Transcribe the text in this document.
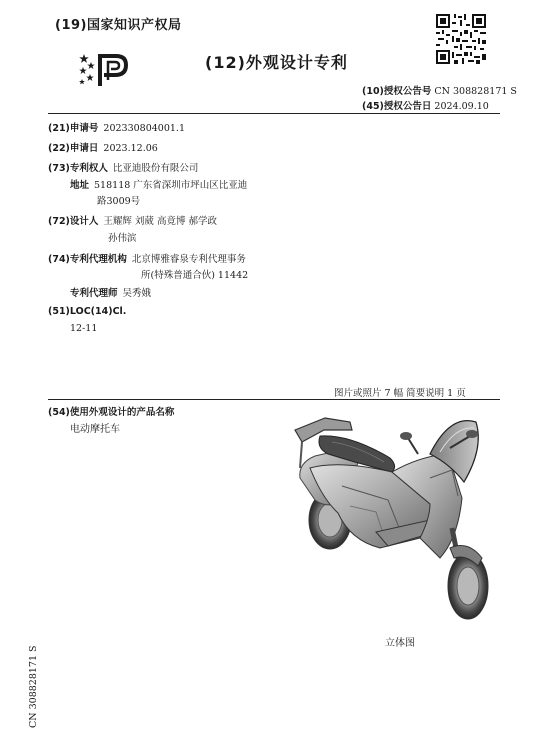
(19)国家知识产权局
(12)外观设计专利
(10)授权公告号 CN 308828171 S
(45)授权公告日 2024.09.10
(21)申请号 202330804001.1
(22)申请日 2023.12.06
(73)专利权人 比亚迪股份有限公司
地址 518118 广东省深圳市坪山区比亚迪
路3009号
(72)设计人 王耀辉 刘葳 高竟博 郝学政
孙伟滨
(74)专利代理机构 北京博雅睿泉专利代理事务
所(特殊普通合伙) 11442
专利代理师 吴秀娥
(51)LOC(14)Cl.
12-11
图片或照片 7 幅 简要说明 1 页
(54)使用外观设计的产品名称
电动摩托车
立体图
CN 308828171 S
